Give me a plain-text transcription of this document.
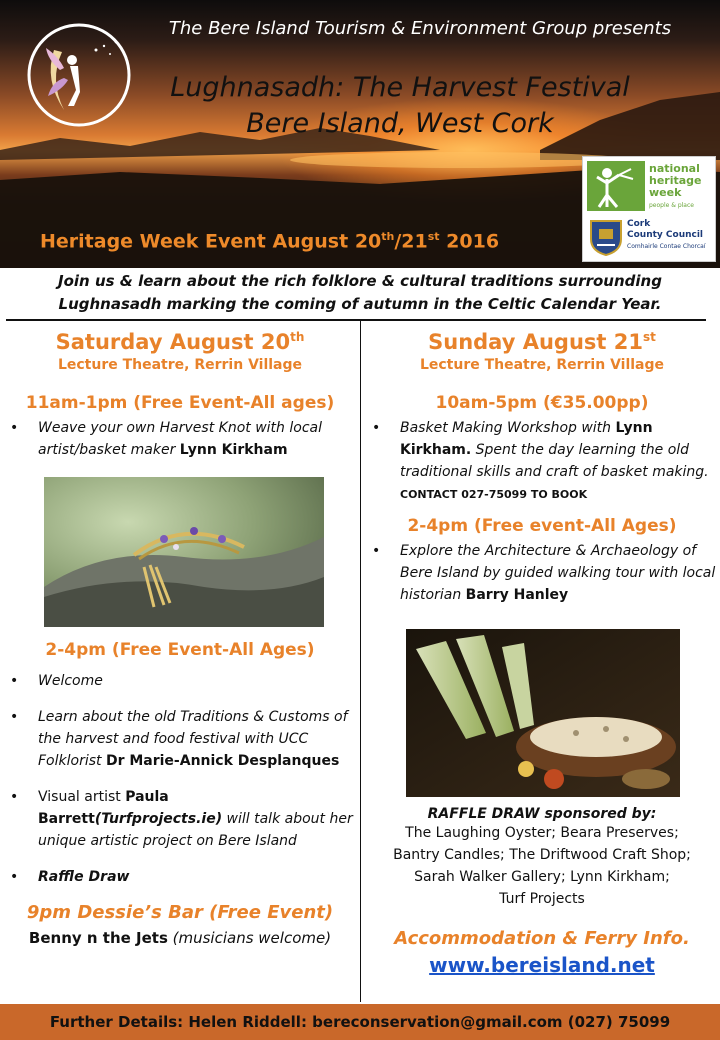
The Bere Island Tourism & Environment Group presents
Lughnasadh: The Harvest Festival
Bere Island, West Cork
national
heritage
week
people & place
Cork
County Council
Comhairle Contae Chorcaí
Heritage Week Event August 20th/21st 2016
Join us & learn about the rich folklore & cultural traditions surrounding
Lughnasadh marking the coming of autumn in the Celtic Calendar Year.
Saturday August 20th
Lecture Theatre, Rerrin Village
11am-1pm (Free Event-All ages)
• Weave your own Harvest Knot with local artist/basket maker Lynn Kirkham
2-4pm (Free Event-All Ages)
• Welcome
• Learn about the old Traditions & Customs of the harvest and food festival with UCC Folklorist Dr Marie-Annick Desplanques
• Visual artist Paula Barrett(Turfprojects.ie) will talk about her unique artistic project on Bere Island
• Raffle Draw
9pm Dessie’s Bar (Free Event)
Benny n the Jets (musicians welcome)
Sunday August 21st
Lecture Theatre, Rerrin Village
10am-5pm (€35.00pp)
• Basket Making Workshop with Lynn Kirkham. Spent the day learning the old traditional skills and craft of basket making. CONTACT 027-75099 TO BOOK
2-4pm (Free event-All Ages)
• Explore the Architecture & Archaeology of Bere Island by guided walking tour with local historian Barry Hanley
RAFFLE DRAW sponsored by:
The Laughing Oyster; Beara Preserves;
Bantry Candles; The Driftwood Craft Shop;
Sarah Walker Gallery; Lynn Kirkham;
Turf Projects
Accommodation & Ferry Info.
www.bereisland.net
Further Details: Helen Riddell: bereconservation@gmail.com (027) 75099
